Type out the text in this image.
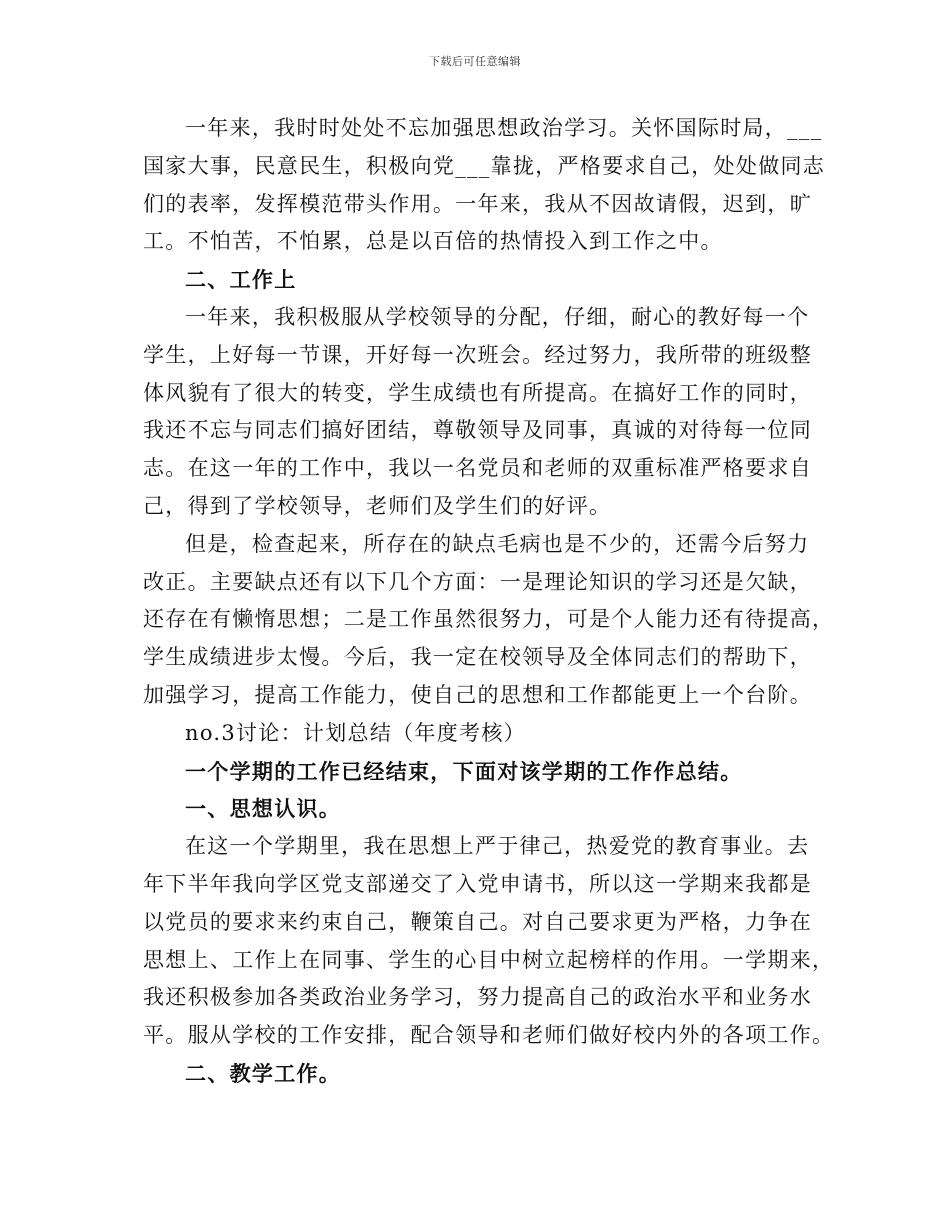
下载后可任意编辑
一年来，我时时处处不忘加强思想政治学习。关怀国际时局，___
国家大事，民意民生，积极向党___靠拢，严格要求自己，处处做同志
们的表率，发挥模范带头作用。一年来，我从不因故请假，迟到，旷
工。不怕苦，不怕累，总是以百倍的热情投入到工作之中。
二、工作上
一年来，我积极服从学校领导的分配，仔细，耐心的教好每一个
学生，上好每一节课，开好每一次班会。经过努力，我所带的班级整
体风貌有了很大的转变，学生成绩也有所提高。在搞好工作的同时，
我还不忘与同志们搞好团结，尊敬领导及同事，真诚的对待每一位同
志。在这一年的工作中，我以一名党员和老师的双重标准严格要求自
己，得到了学校领导，老师们及学生们的好评。
但是，检查起来，所存在的缺点毛病也是不少的，还需今后努力
改正。主要缺点还有以下几个方面：一是理论知识的学习还是欠缺，
还存在有懒惰思想；二是工作虽然很努力，可是个人能力还有待提高，
学生成绩进步太慢。今后，我一定在校领导及全体同志们的帮助下，
加强学习，提高工作能力，使自己的思想和工作都能更上一个台阶。
no.3讨论：计划总结（年度考核）
一个学期的工作已经结束，下面对该学期的工作作总结。
一、思想认识。
在这一个学期里，我在思想上严于律己，热爱党的教育事业。去
年下半年我向学区党支部递交了入党申请书，所以这一学期来我都是
以党员的要求来约束自己，鞭策自己。对自己要求更为严格，力争在
思想上、工作上在同事、学生的心目中树立起榜样的作用。一学期来，
我还积极参加各类政治业务学习，努力提高自己的政治水平和业务水
平。服从学校的工作安排，配合领导和老师们做好校内外的各项工作。
二、教学工作。
